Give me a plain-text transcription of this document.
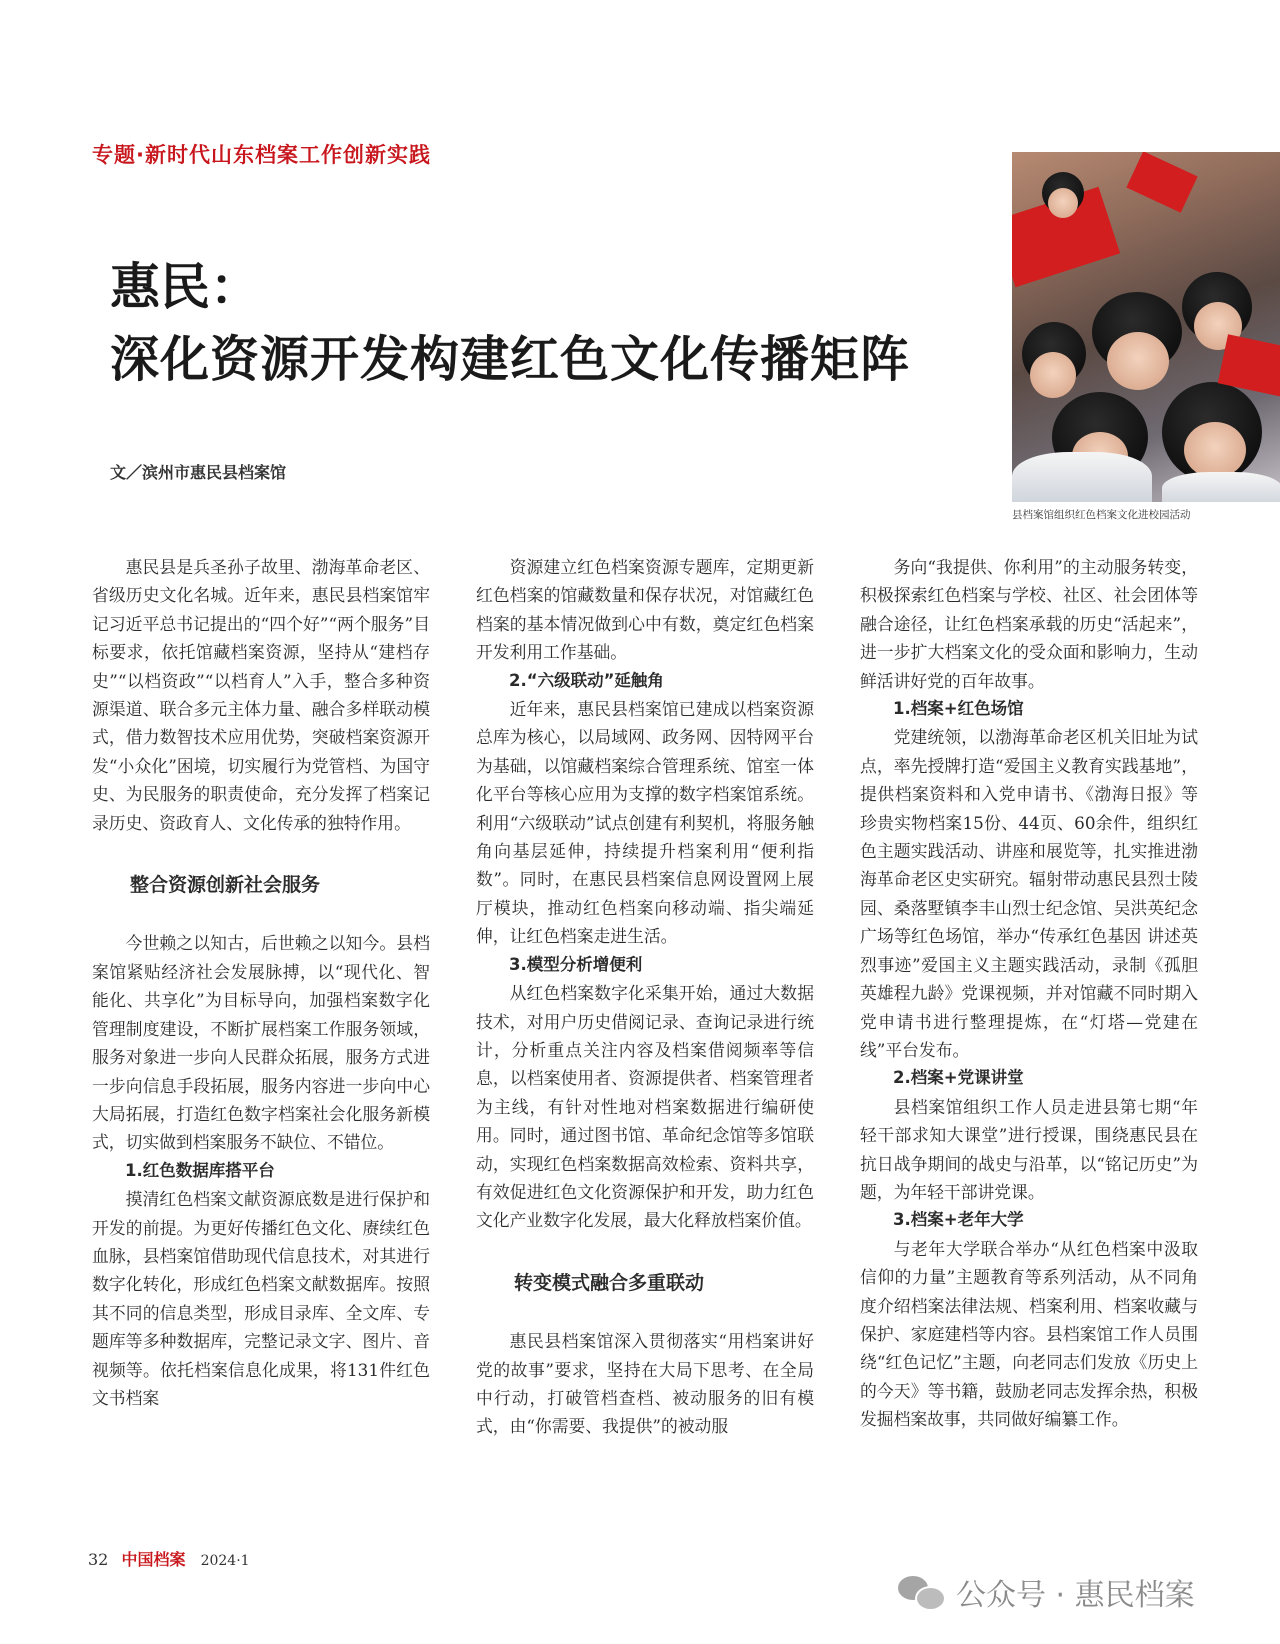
专题·新时代山东档案工作创新实践
惠民：
深化资源开发构建红色文化传播矩阵
文／滨州市惠民县档案馆
县档案馆组织红色档案文化进校园活动

惠民县是兵圣孙子故里、渤海革命老区、省级历史文化名城。近年来，惠民县档案馆牢记习近平总书记提出的“四个好”“两个服务”目标要求，依托馆藏档案资源，坚持从“建档存史”“以档资政”“以档育人”入手，整合多种资源渠道、联合多元主体力量、融合多样联动模式，借力数智技术应用优势，突破档案资源开发“小众化”困境，切实履行为党管档、为国守史、为民服务的职责使命，充分发挥了档案记录历史、资政育人、文化传承的独特作用。

整合资源创新社会服务

今世赖之以知古，后世赖之以知今。县档案馆紧贴经济社会发展脉搏，以“现代化、智能化、共享化”为目标导向，加强档案数字化管理制度建设，不断扩展档案工作服务领域，服务对象进一步向人民群众拓展，服务方式进一步向信息手段拓展，服务内容进一步向中心大局拓展，打造红色数字档案社会化服务新模式，切实做到档案服务不缺位、不错位。

1.红色数据库搭平台

摸清红色档案文献资源底数是进行保护和开发的前提。为更好传播红色文化、赓续红色血脉，县档案馆借助现代信息技术，对其进行数字化转化，形成红色档案文献数据库。按照其不同的信息类型，形成目录库、全文库、专题库等多种数据库，完整记录文字、图片、音视频等。依托档案信息化成果，将131件红色文书档案

资源建立红色档案资源专题库，定期更新红色档案的馆藏数量和保存状况，对馆藏红色档案的基本情况做到心中有数，奠定红色档案开发利用工作基础。

2.“六级联动”延触角

近年来，惠民县档案馆已建成以档案资源总库为核心，以局域网、政务网、因特网平台为基础，以馆藏档案综合管理系统、馆室一体化平台等核心应用为支撑的数字档案馆系统。利用“六级联动”试点创建有利契机，将服务触角向基层延伸，持续提升档案利用“便利指数”。同时，在惠民县档案信息网设置网上展厅模块，推动红色档案向移动端、指尖端延伸，让红色档案走进生活。

3.模型分析增便利

从红色档案数字化采集开始，通过大数据技术，对用户历史借阅记录、查询记录进行统计，分析重点关注内容及档案借阅频率等信息，以档案使用者、资源提供者、档案管理者为主线，有针对性地对档案数据进行编研使用。同时，通过图书馆、革命纪念馆等多馆联动，实现红色档案数据高效检索、资料共享，有效促进红色文化资源保护和开发，助力红色文化产业数字化发展，最大化释放档案价值。

转变模式融合多重联动

惠民县档案馆深入贯彻落实“用档案讲好党的故事”要求，坚持在大局下思考、在全局中行动，打破管档查档、被动服务的旧有模式，由“你需要、我提供”的被动服

务向“我提供、你利用”的主动服务转变，积极探索红色档案与学校、社区、社会团体等融合途径，让红色档案承载的历史“活起来”，进一步扩大档案文化的受众面和影响力，生动鲜活讲好党的百年故事。

1.档案+红色场馆

党建统领，以渤海革命老区机关旧址为试点，率先授牌打造“爱国主义教育实践基地”，提供档案资料和入党申请书、《渤海日报》等珍贵实物档案15份、44页、60余件，组织红色主题实践活动、讲座和展览等，扎实推进渤海革命老区史实研究。辐射带动惠民县烈士陵园、桑落墅镇李丰山烈士纪念馆、吴洪英纪念广场等红色场馆，举办“传承红色基因 讲述英烈事迹”爱国主义主题实践活动，录制《孤胆英雄程九龄》党课视频，并对馆藏不同时期入党申请书进行整理提炼，在“灯塔—党建在线”平台发布。

2.档案+党课讲堂

县档案馆组织工作人员走进县第七期“年轻干部求知大课堂”进行授课，围绕惠民县在抗日战争期间的战史与沿革，以“铭记历史”为题，为年轻干部讲党课。

3.档案+老年大学

与老年大学联合举办“从红色档案中汲取信仰的力量”主题教育等系列活动，从不同角度介绍档案法律法规、档案利用、档案收藏与保护、家庭建档等内容。县档案馆工作人员围绕“红色记忆”主题，向老同志们发放《历史上的今天》等书籍，鼓励老同志发挥余热，积极发掘档案故事，共同做好编纂工作。

32 中国档案 2024·1
公众号 · 惠民档案
